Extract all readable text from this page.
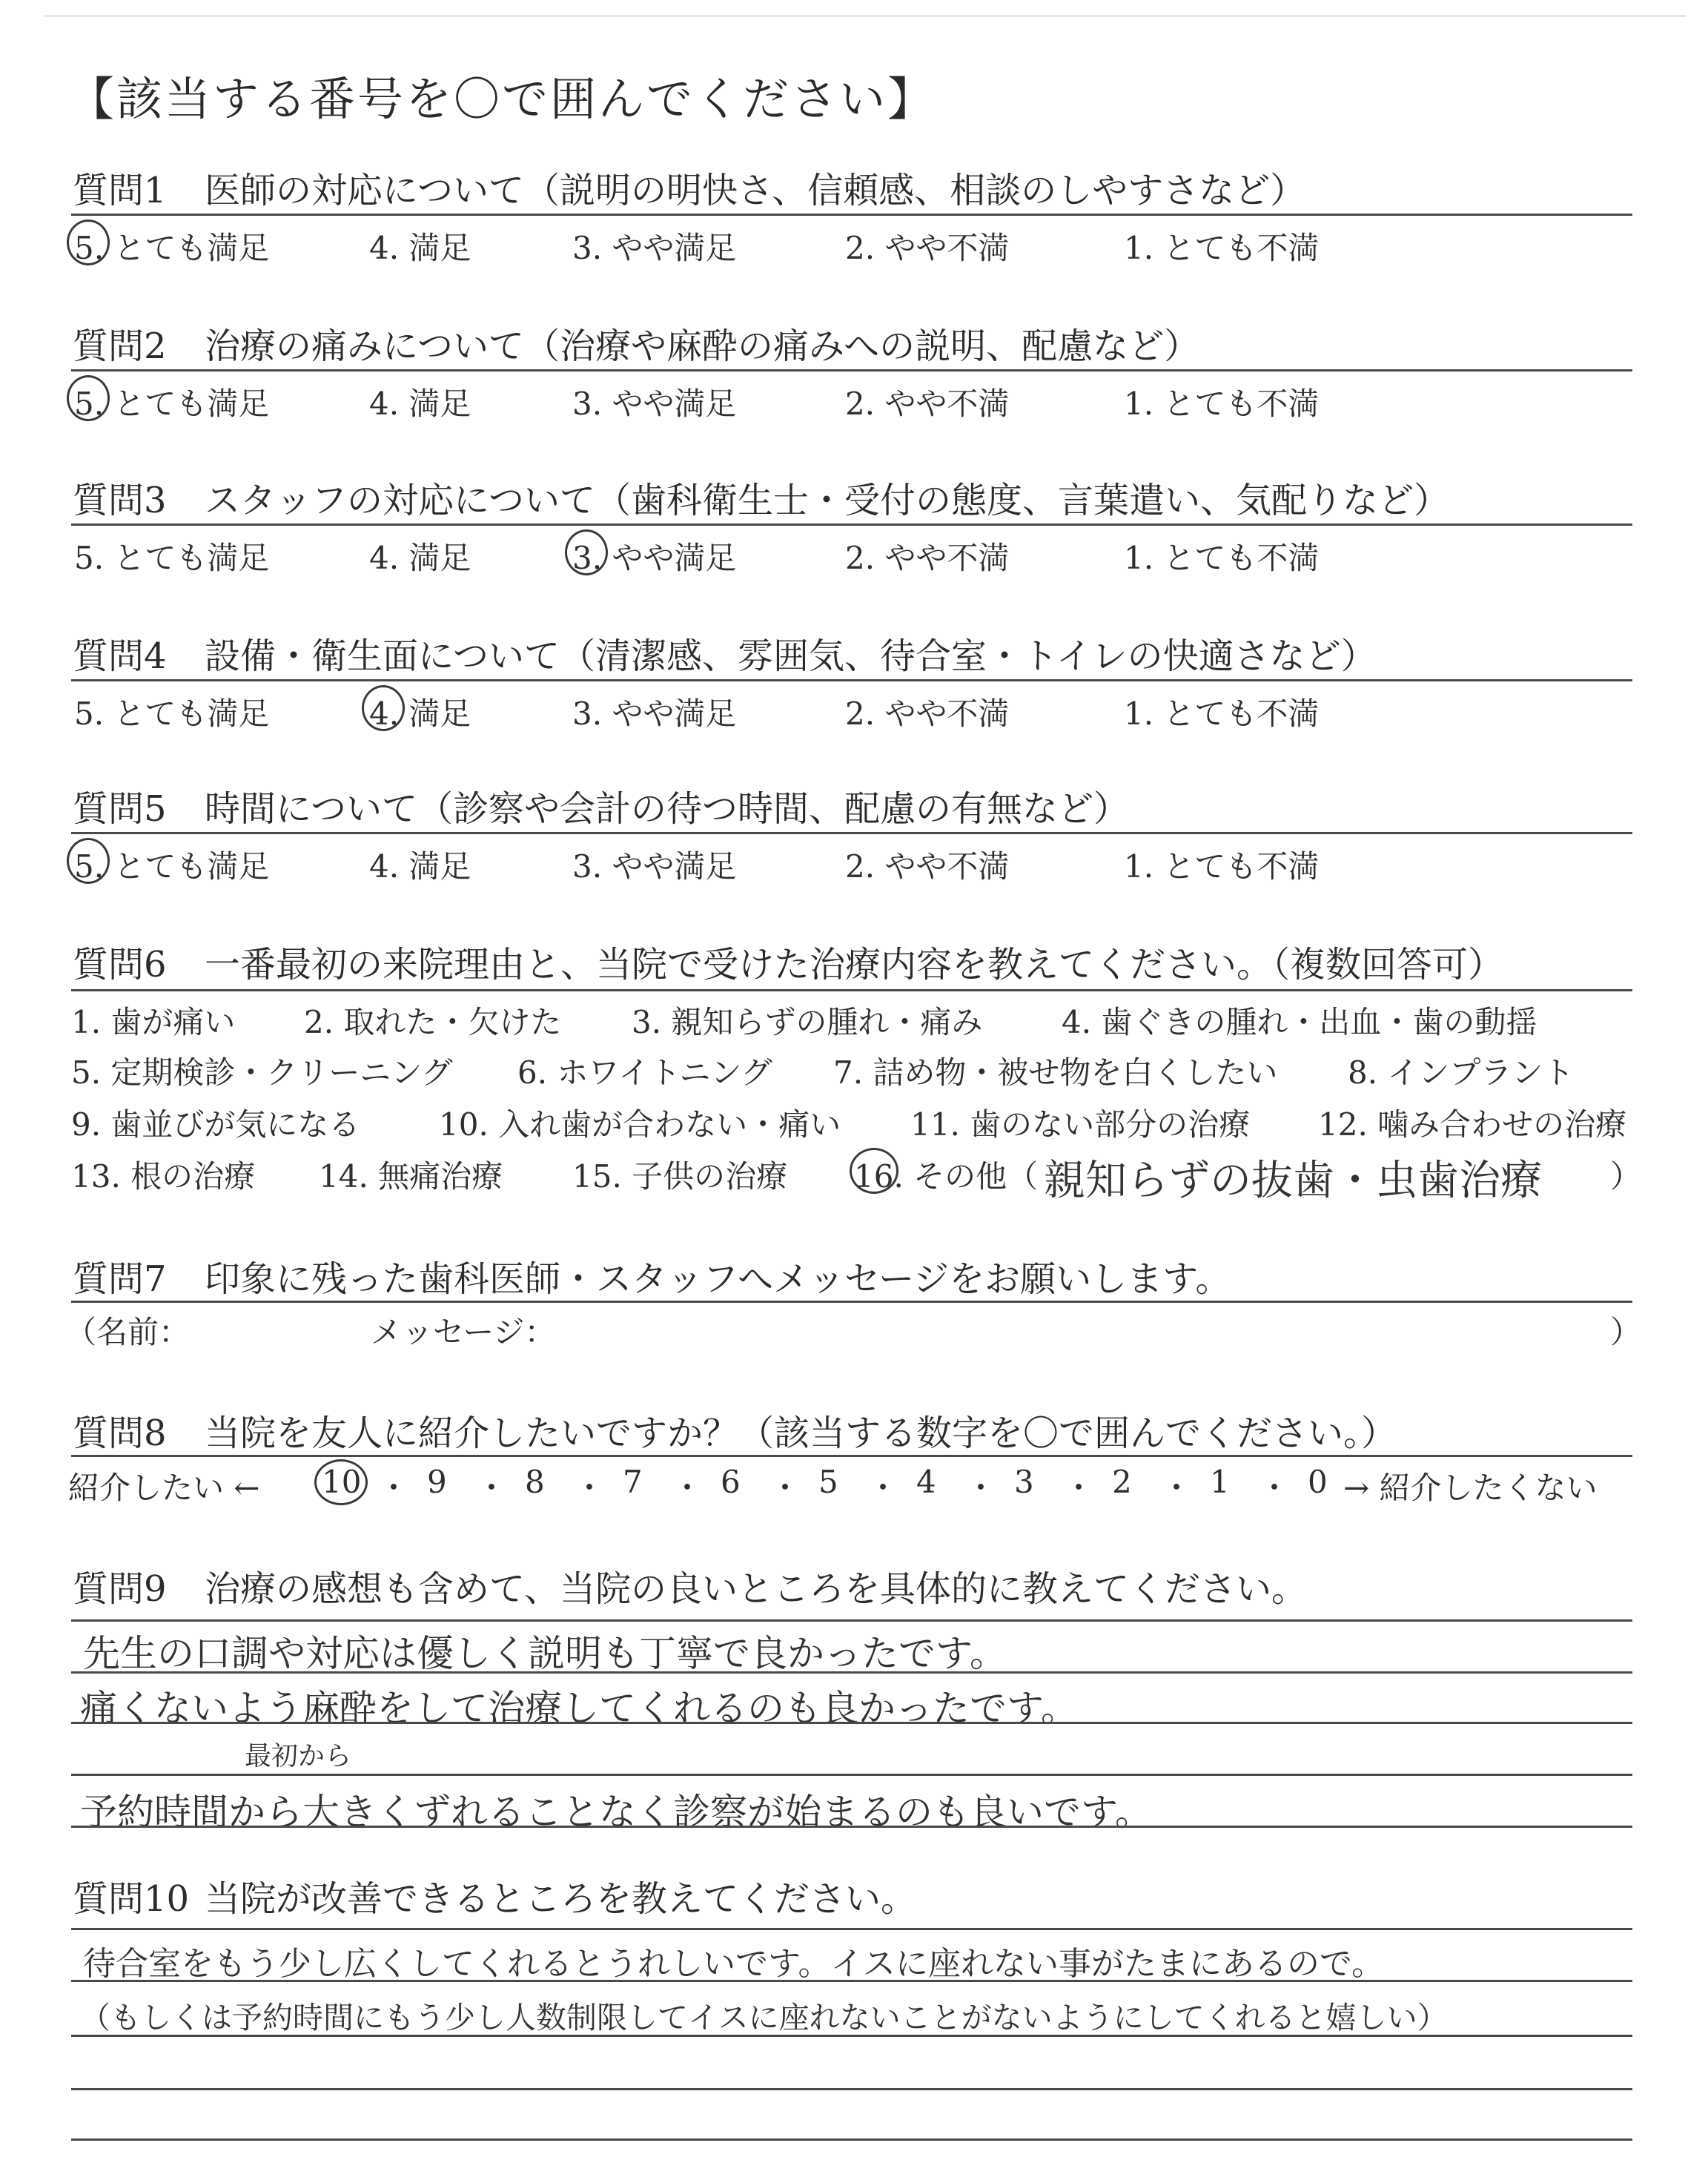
【該当する番号を〇で囲んでください】
質問1 医師の対応について（説明の明快さ、信頼感、相談のしやすさなど）
5. とても満足	4. 満足	3. やや満足	2. やや不満	1. とても不満
質問2 治療の痛みについて（治療や麻酔の痛みへの説明、配慮など）
5. とても満足	4. 満足	3. やや満足	2. やや不満	1. とても不満
質問3 スタッフの対応について（歯科衛生士・受付の態度、言葉遣い、気配りなど）
5. とても満足	4. 満足	3. やや満足	2. やや不満	1. とても不満
質問4 設備・衛生面について（清潔感、雰囲気、待合室・トイレの快適さなど）
5. とても満足	4. 満足	3. やや満足	2. やや不満	1. とても不満
質問5 時間について（診察や会計の待つ時間、配慮の有無など）
5. とても満足	4. 満足	3. やや満足	2. やや不満	1. とても不満
質問6 一番最初の来院理由と、当院で受けた治療内容を教えてください。（複数回答可）
1. 歯が痛い 2. 取れた・欠けた 3. 親知らずの腫れ・痛み	4. 歯ぐきの腫れ・出血・歯の動揺
5. 定期検診・クリーニング 6. ホワイトニング 7. 詰め物・被せ物を白くしたい 8. インプラント
9. 歯並びが気になる	10. 入れ歯が合わない・痛い 11. 歯のない部分の治療 12. 噛み合わせの治療
13. 根の治療 14. 無痛治療 15. 子供の治療 16. その他（ 親知らずの抜歯・虫歯治療 ）
質問7 印象に残った歯科医師・スタッフへメッセージをお願いします。
（名前：	メッセージ：	）
質問8 当院を友人に紹介したいですか？（該当する数字を〇で囲んでください。）
紹介したい ← 10 ・ 9 ・ 8 ・ 7 ・ 6 ・ 5 ・ 4 ・ 3 ・ 2 ・ 1 ・ 0 → 紹介したくない
質問9 治療の感想も含めて、当院の良いところを具体的に教えてください。
先生の口調や対応は優しく説明も丁寧で良かったです。
痛くないよう麻酔をして治療してくれるのも良かったです。
最初から
予約時間から大きくずれることなく診察が始まるのも良いです。
質問10 当院が改善できるところを教えてください。
待合室をもう少し広くしてくれるとうれしいです。イスに座れない事がたまにあるので。
（もしくは予約時間にもう少し人数制限してイスに座れないことがないようにしてくれると嬉しい）
